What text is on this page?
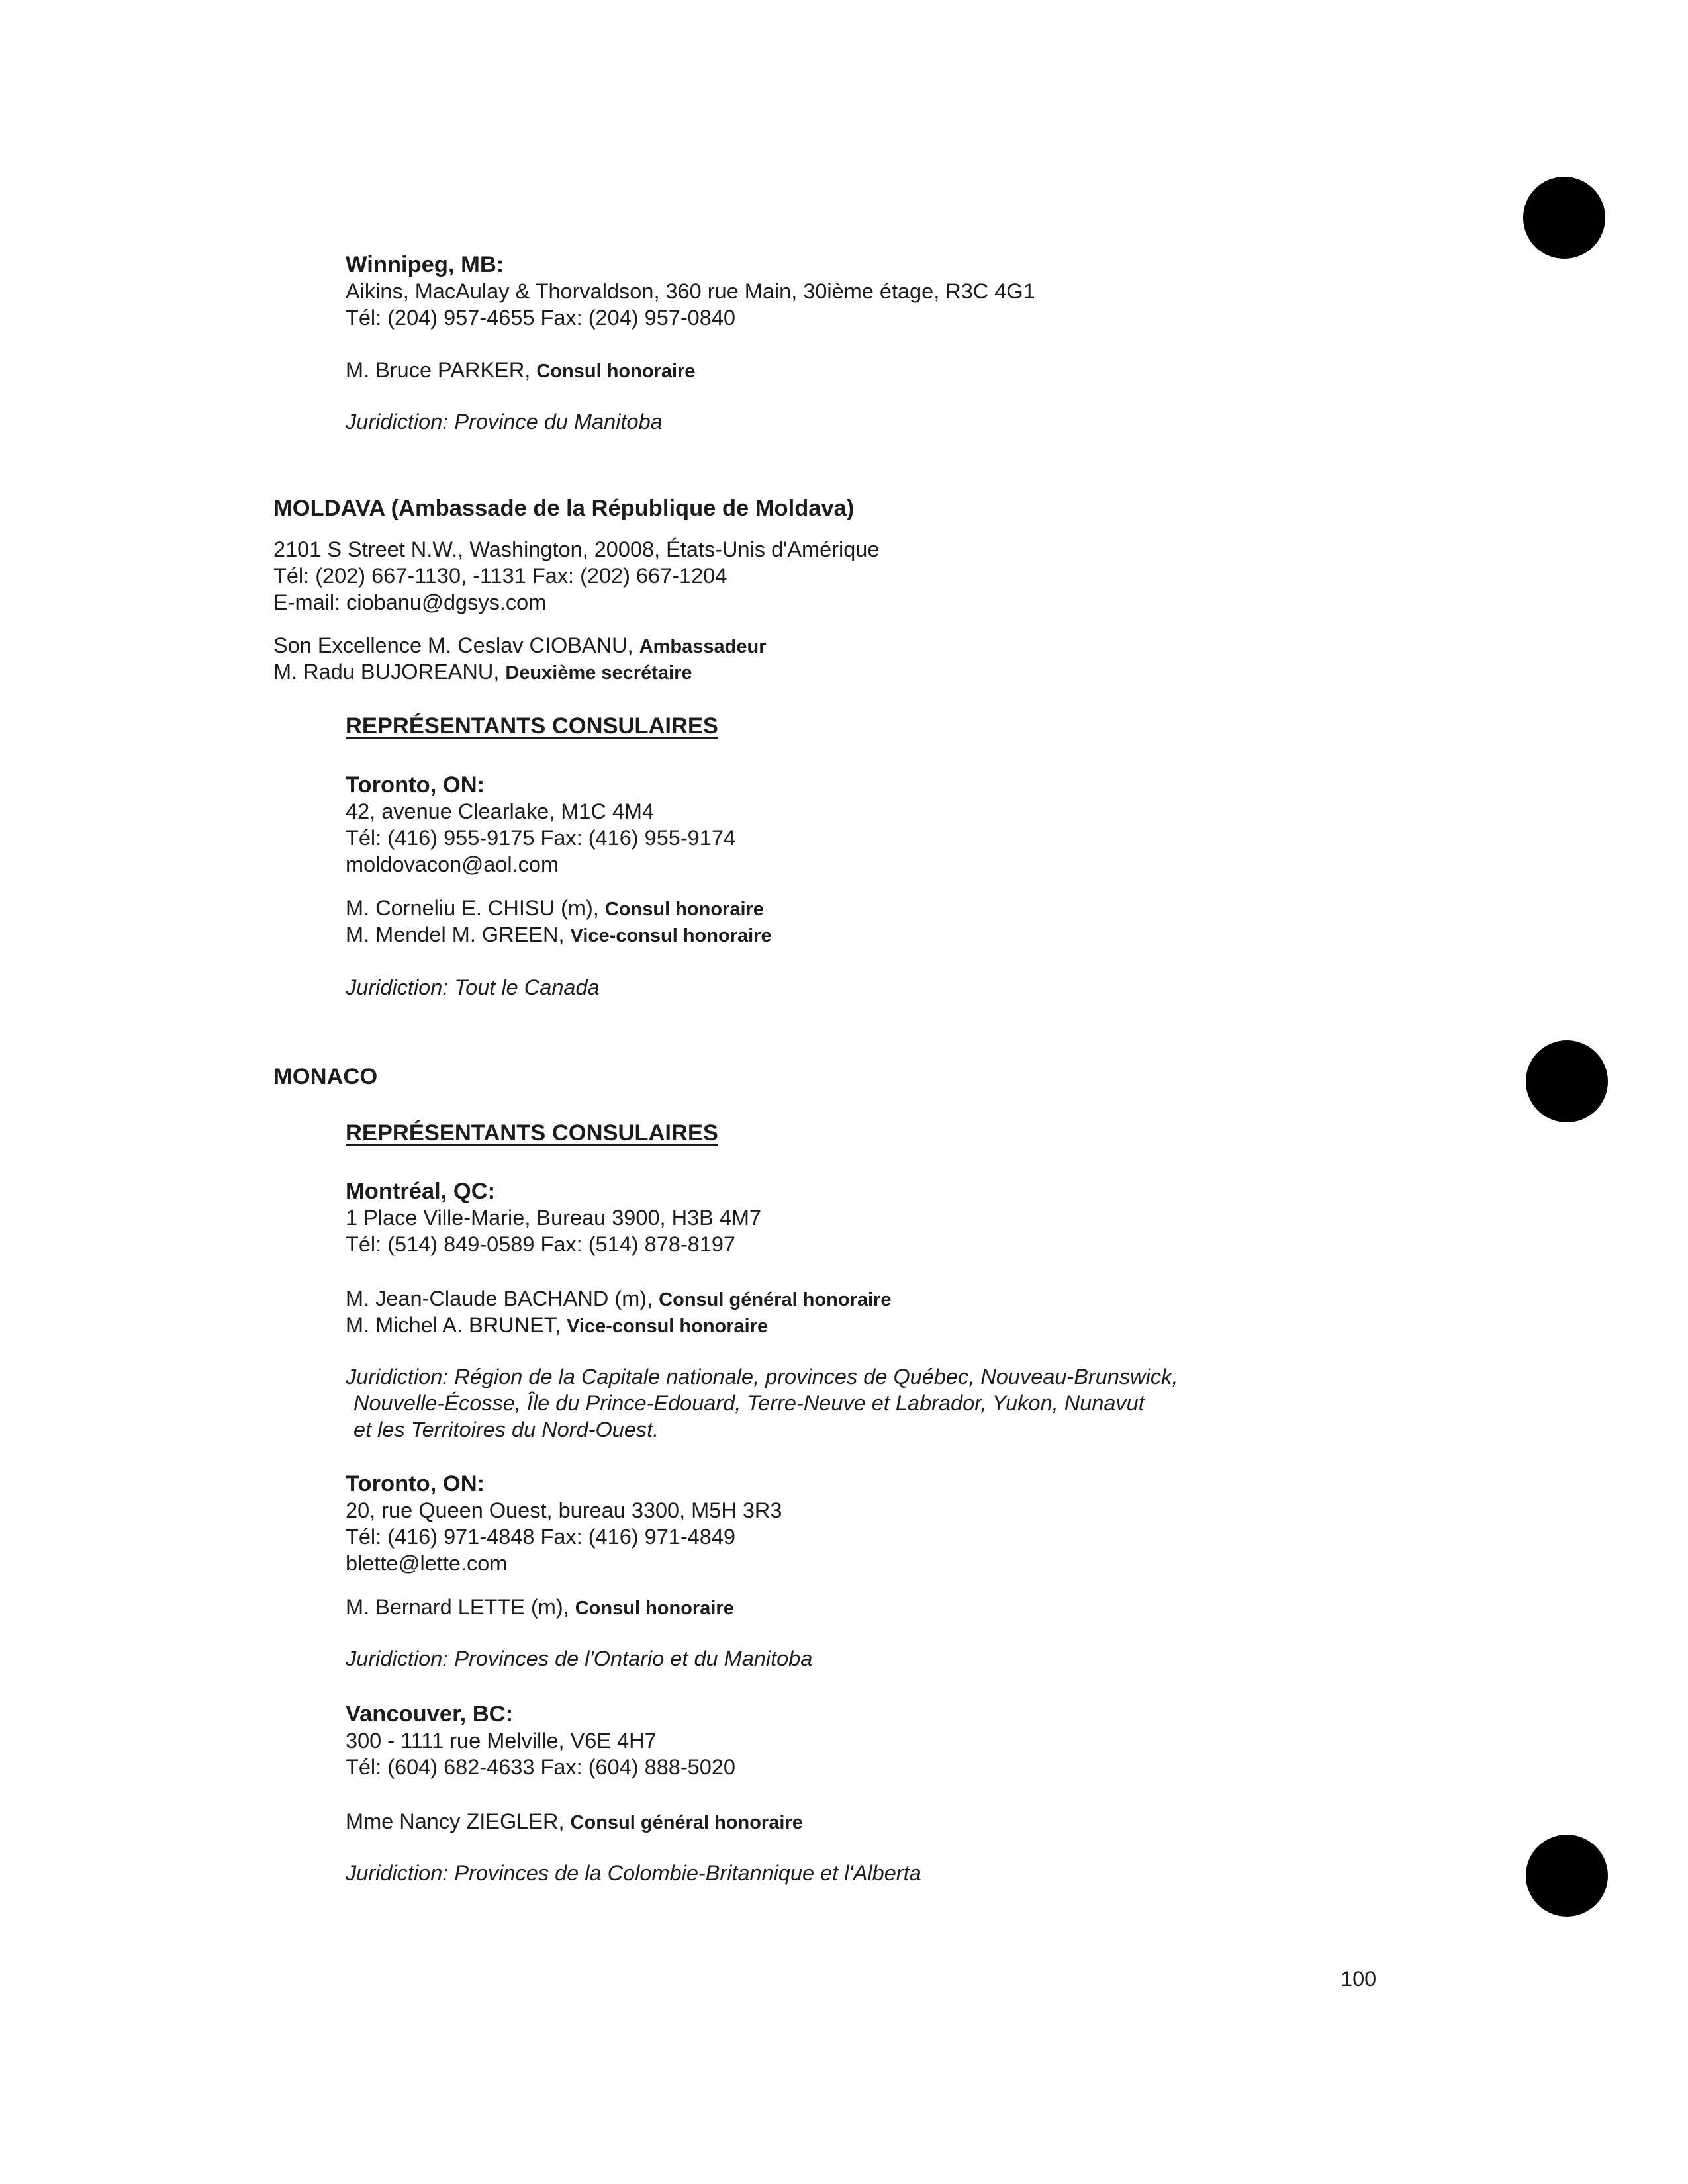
Winnipeg, MB:
Aikins, MacAulay & Thorvaldson, 360 rue Main, 30ième étage, R3C 4G1
Tél: (204) 957-4655 Fax: (204) 957-0840
M. Bruce PARKER, Consul honoraire
Juridiction: Province du Manitoba
MOLDAVA (Ambassade de la République de Moldava)
2101 S Street N.W., Washington, 20008, États-Unis d'Amérique
Tél: (202) 667-1130, -1131 Fax: (202) 667-1204
E-mail: ciobanu@dgsys.com
Son Excellence M. Ceslav CIOBANU, Ambassadeur
M. Radu BUJOREANU, Deuxième secrétaire
REPRÉSENTANTS CONSULAIRES
Toronto, ON:
42, avenue Clearlake, M1C 4M4
Tél: (416) 955-9175 Fax: (416) 955-9174
moldovacon@aol.com
M. Corneliu E. CHISU (m), Consul honoraire
M. Mendel M. GREEN, Vice-consul honoraire
Juridiction: Tout le Canada
MONACO
REPRÉSENTANTS CONSULAIRES
Montréal, QC:
1 Place Ville-Marie, Bureau 3900, H3B 4M7
Tél: (514) 849-0589 Fax: (514) 878-8197
M. Jean-Claude BACHAND (m), Consul général honoraire
M. Michel A. BRUNET, Vice-consul honoraire
Juridiction: Région de la Capitale nationale, provinces de Québec, Nouveau-Brunswick,
Nouvelle-Écosse, Île du Prince-Edouard, Terre-Neuve et Labrador, Yukon, Nunavut
et les Territoires du Nord-Ouest.
Toronto, ON:
20, rue Queen Ouest, bureau 3300, M5H 3R3
Tél: (416) 971-4848 Fax: (416) 971-4849
blette@lette.com
M. Bernard LETTE (m), Consul honoraire
Juridiction: Provinces de l'Ontario et du Manitoba
Vancouver, BC:
300 - 1111 rue Melville, V6E 4H7
Tél: (604) 682-4633 Fax: (604) 888-5020
Mme Nancy ZIEGLER, Consul général honoraire
Juridiction: Provinces de la Colombie-Britannique et l'Alberta
100
